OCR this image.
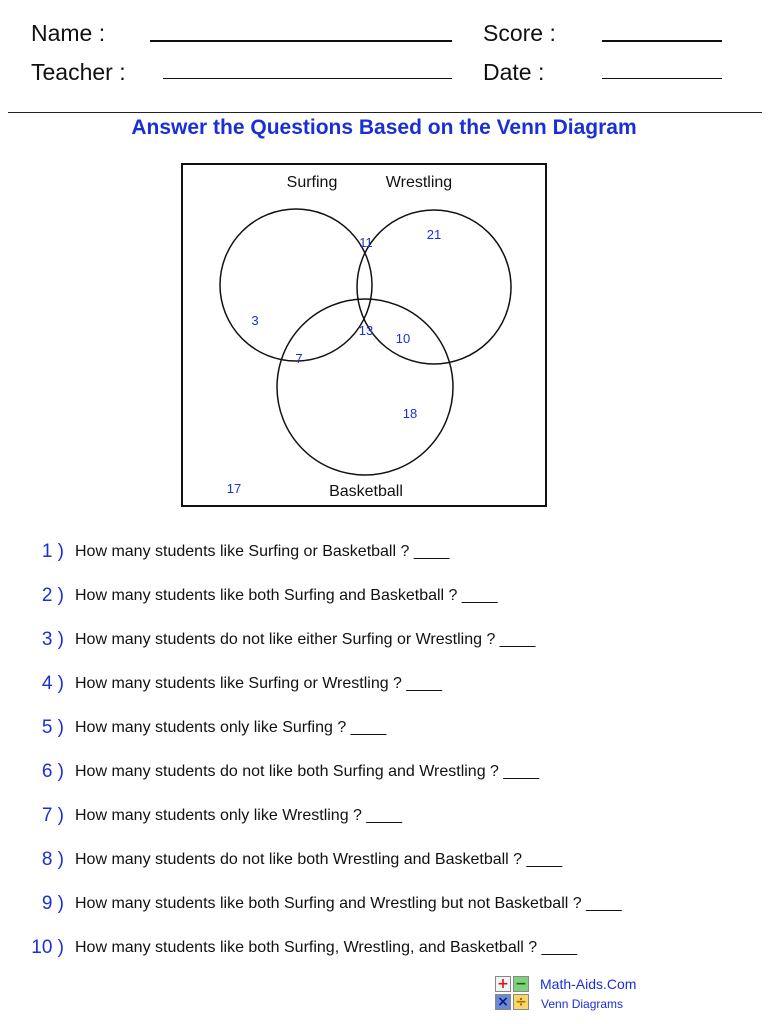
Name :
Teacher :
Score :
Date :
Answer the Questions Based on the Venn Diagram
Surfing	Wrestling
Basketball
3
21
18
11
7
10
13
17
1 ) How many students like Surfing or Basketball ? ____
2 ) How many students like both Surfing and Basketball ? ____
3 ) How many students do not like either Surfing or Wrestling ? ____
4 ) How many students like Surfing or Wrestling ? ____
5 ) How many students only like Surfing ? ____
6 ) How many students do not like both Surfing and Wrestling ? ____
7 ) How many students only like Wrestling ? ____
8 ) How many students do not like both Wrestling and Basketball ? ____
9 ) How many students like both Surfing and Wrestling but not Basketball ? ____
10 ) How many students like both Surfing, Wrestling, and Basketball ? ____
+ −
× ÷
Math-Aids.Com
Venn Diagrams
